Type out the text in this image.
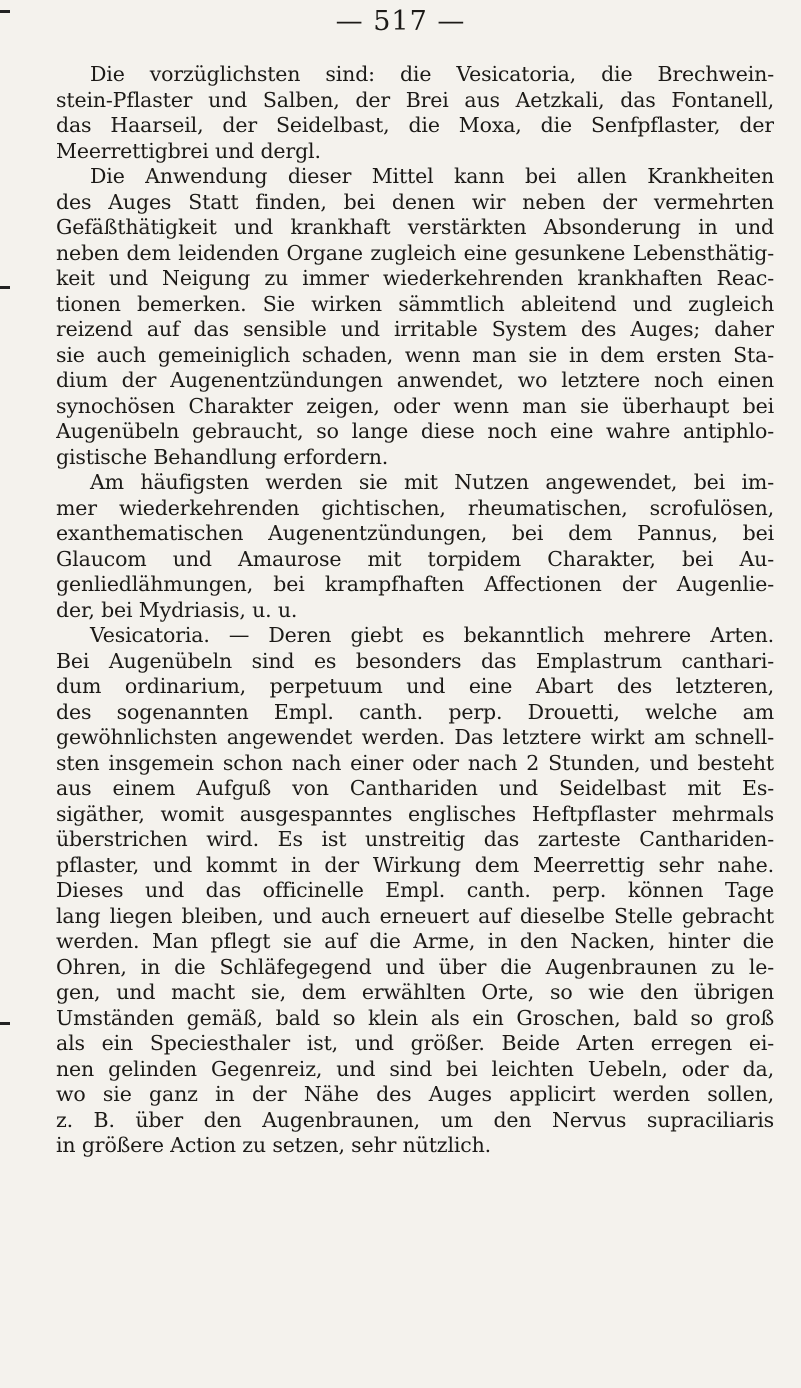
— 517 —
Die vorzüglichsten sind: die Vesicatoria, die Brechwein-
stein-Pflaster und Salben, der Brei aus Aetzkali, das Fontanell,
das Haarseil, der Seidelbast, die Moxa, die Senfpflaster, der
Meerrettigbrei und dergl.
Die Anwendung dieser Mittel kann bei allen Krankheiten
des Auges Statt finden, bei denen wir neben der vermehrten
Gefäßthätigkeit und krankhaft verstärkten Absonderung in und
neben dem leidenden Organe zugleich eine gesunkene Lebensthätig-
keit und Neigung zu immer wiederkehrenden krankhaften Reac-
tionen bemerken. Sie wirken sämmtlich ableitend und zugleich
reizend auf das sensible und irritable System des Auges; daher
sie auch gemeiniglich schaden, wenn man sie in dem ersten Sta-
dium der Augenentzündungen anwendet, wo letztere noch einen
synochösen Charakter zeigen, oder wenn man sie überhaupt bei
Augenübeln gebraucht, so lange diese noch eine wahre antiphlo-
gistische Behandlung erfordern.
Am häufigsten werden sie mit Nutzen angewendet, bei im-
mer wiederkehrenden gichtischen, rheumatischen, scrofulösen,
exanthematischen Augenentzündungen, bei dem Pannus, bei
Glaucom und Amaurose mit torpidem Charakter, bei Au-
genliedlähmungen, bei krampfhaften Affectionen der Augenlie-
der, bei Mydriasis, u. u.
Vesicatoria. — Deren giebt es bekanntlich mehrere Arten.
Bei Augenübeln sind es besonders das Emplastrum canthari-
dum ordinarium, perpetuum und eine Abart des letzteren,
des sogenannten Empl. canth. perp. Drouetti, welche am
gewöhnlichsten angewendet werden. Das letztere wirkt am schnell-
sten insgemein schon nach einer oder nach 2 Stunden, und besteht
aus einem Aufguß von Canthariden und Seidelbast mit Es-
sigäther, womit ausgespanntes englisches Heftpflaster mehrmals
überstrichen wird. Es ist unstreitig das zarteste Canthariden-
pflaster, und kommt in der Wirkung dem Meerrettig sehr nahe.
Dieses und das officinelle Empl. canth. perp. können Tage
lang liegen bleiben, und auch erneuert auf dieselbe Stelle gebracht
werden. Man pflegt sie auf die Arme, in den Nacken, hinter die
Ohren, in die Schläfegegend und über die Augenbraunen zu le-
gen, und macht sie, dem erwählten Orte, so wie den übrigen
Umständen gemäß, bald so klein als ein Groschen, bald so groß
als ein Speciesthaler ist, und größer. Beide Arten erregen ei-
nen gelinden Gegenreiz, und sind bei leichten Uebeln, oder da,
wo sie ganz in der Nähe des Auges applicirt werden sollen,
z. B. über den Augenbraunen, um den Nervus supraciliaris
in größere Action zu setzen, sehr nützlich.
